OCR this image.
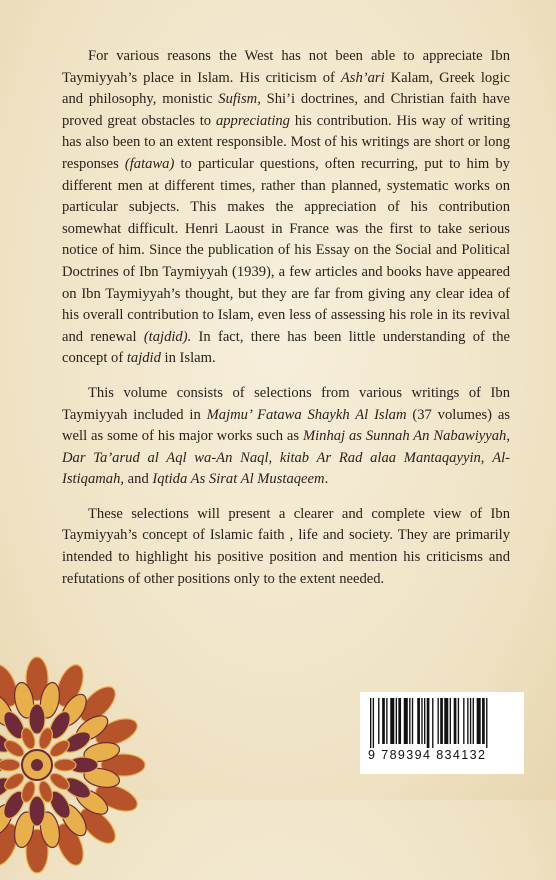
For various reasons the West has not been able to appreciate Ibn Taymiyyah’s place in Islam. His criticism of Ash’ari Kalam, Greek logic and philosophy, monistic Sufism, Shi’i doctrines, and Christian faith have proved great obstacles to appreciating his contribution. His way of writing has also been to an extent responsible. Most of his writings are short or long responses (fatawa) to particular questions, often recurring, put to him by different men at different times, rather than planned, systematic works on particular subjects. This makes the appreciation of his contribution somewhat difficult. Henri Laoust in France was the first to take serious notice of him. Since the publication of his Essay on the Social and Political Doctrines of Ibn Taymiyyah (1939), a few articles and books have appeared on Ibn Taymiyyah’s thought, but they are far from giving any clear idea of his overall contribution to Islam, even less of assessing his role in its revival and renewal (tajdid). In fact, there has been little understanding of the concept of tajdid in Islam.

This volume consists of selections from various writings of Ibn Taymiyyah included in Majmu’ Fatawa Shaykh Al Islam (37 volumes) as well as some of his major works such as Minhaj as Sunnah An Nabawiyyah, Dar Ta’arud al Aql wa-An Naql, kitab Ar Rad alaa Mantaqayyin, Al-Istiqamah, and Iqtida As Sirat Al Mustaqeem.

These selections will present a clearer and complete view of Ibn Taymiyyah’s concept of Islamic faith , life and society. They are primarily intended to highlight his positive position and mention his criticisms and refutations of other positions only to the extent needed.

9 789394 834132
